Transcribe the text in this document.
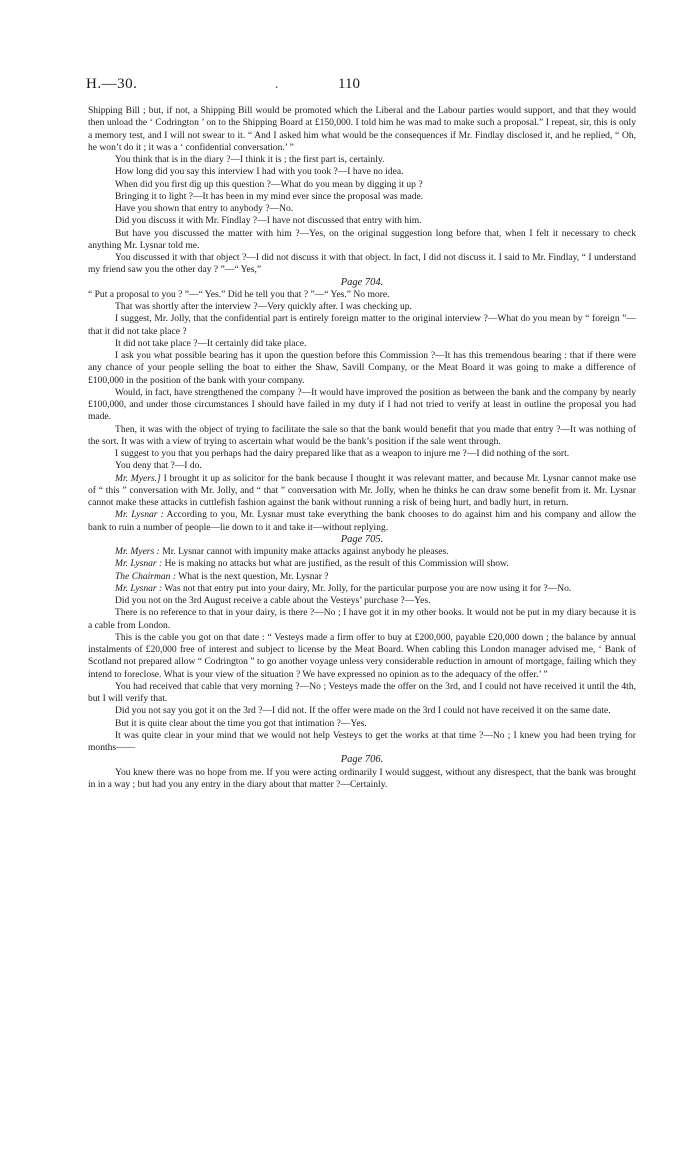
H.—30.	.	110

Shipping Bill ; but, if not, a Shipping Bill would be promoted which the Liberal and the Labour parties would support, and that they would then unload the ‘ Codrington ’ on to the Shipping Board at £150,000. I told him he was mad to make such a proposal.” I repeat, sir, this is only a memory test, and I will not swear to it. “ And I asked him what would be the consequences if Mr. Findlay disclosed it, and he replied, “ Oh, he won’t do it ; it was a ‘ confidential conversation.’ ”

You think that is in the diary ?—I think it is ; the first part is, certainly.

How long did you say this interview I had with you took ?—I have no idea.

When did you first dig up this question ?—What do you mean by digging it up ?

Bringing it to light ?—It has been in my mind ever since the proposal was made.

Have you shown that entry to anybody ?—No.

Did you discuss it with Mr. Findlay ?—I have not discussed that entry with him.

But have you discussed the matter with him ?—Yes, on the original suggestion long before that, when I felt it necessary to check anything Mr. Lysnar told me.

You discussed it with that object ?—I did not discuss it with that object. In fact, I did not discuss it. I said to Mr. Findlay, “ I understand my friend saw you the other day ? ”—“ Yes,”

Page 704.

“ Put a proposal to you ? ”—“ Yes.” Did he tell you that ? ”—“ Yes.” No more.

That was shortly after the interview ?—Very quickly after. I was checking up.

I suggest, Mr. Jolly, that the confidential part is entirely foreign matter to the original interview ?—What do you mean by “ foreign ”—that it did not take place ?

It did not take place ?—It certainly did take place.

I ask you what possible bearing has it upon the question before this Commission ?—It has this tremendous bearing : that if there were any chance of your people selling the boat to either the Shaw, Savill Company, or the Meat Board it was going to make a difference of £100,000 in the position of the bank with your company.

Would, in fact, have strengthened the company ?—It would have improved the position as between the bank and the company by nearly £100,000, and under those circumstances I should have failed in my duty if I had not tried to verify at least in outline the proposal you had made.

Then, it was with the object of trying to facilitate the sale so that the bank would benefit that you made that entry ?—It was nothing of the sort. It was with a view of trying to ascertain what would be the bank’s position if the sale went through.

I suggest to you that you perhaps had the dairy prepared like that as a weapon to injure me ?—I did nothing of the sort.

You deny that ?—I do.

Mr. Myers.] I brought it up as solicitor for the bank because I thought it was relevant matter, and because Mr. Lysnar cannot make use of “ this ” conversation with Mr. Jolly, and “ that ” conversation with Mr. Jolly, when he thinks he can draw some benefit from it. Mr. Lysnar cannot make these attacks in cuttlefish fashion against the bank without running a risk of being hurt, and badly hurt, in return.

Mr. Lysnar : According to you, Mr. Lysnar must take everything the bank chooses to do against him and his company and allow the bank to ruin a number of people—lie down to it and take it—without replying.

Page 705.

Mr. Myers : Mr. Lysnar cannot with impunity make attacks against anybody he pleases.

Mr. Lysnar : He is making no attacks but what are justified, as the result of this Commission will show.

The Chairman : What is the next question, Mr. Lysnar ?

Mr. Lysnar : Was not that entry put into your dairy, Mr. Jolly, for the particular purpose you are now using it for ?—No.

Did you not on the 3rd August receive a cable about the Vesteys’ purchase ?—Yes.

There is no reference to that in your dairy, is there ?—No ; I have got it in my other books. It would not be put in my diary because it is a cable from London.

This is the cable you got on that date : “ Vesteys made a firm offer to buy at £200,000, payable £20,000 down ; the balance by annual instalments of £20,000 free of interest and subject to license by the Meat Board. When cabling this London manager advised me, ‘ Bank of Scotland not prepared allow “ Codrington ” to go another voyage unless very considerable reduction in amount of mortgage, failing which they intend to foreclose. What is your view of the situation ? We have expressed no opinion as to the adequacy of the offer.’ ”

You had received that cable that very morning ?—No ; Vesteys made the offer on the 3rd, and I could not have received it until the 4th, but I will verify that.

Did you not say you got it on the 3rd ?—I did not. If the offer were made on the 3rd I could not have received it on the same date.

But it is quite clear about the time you got that intimation ?—Yes.

It was quite clear in your mind that we would not help Vesteys to get the works at that time ?—No ; I knew you had been trying for months——

Page 706.

You knew there was no hope from me. If you were acting ordinarily I would suggest, without any disrespect, that the bank was brought in in a way ; but had you any entry in the diary about that matter ?—Certainly.
